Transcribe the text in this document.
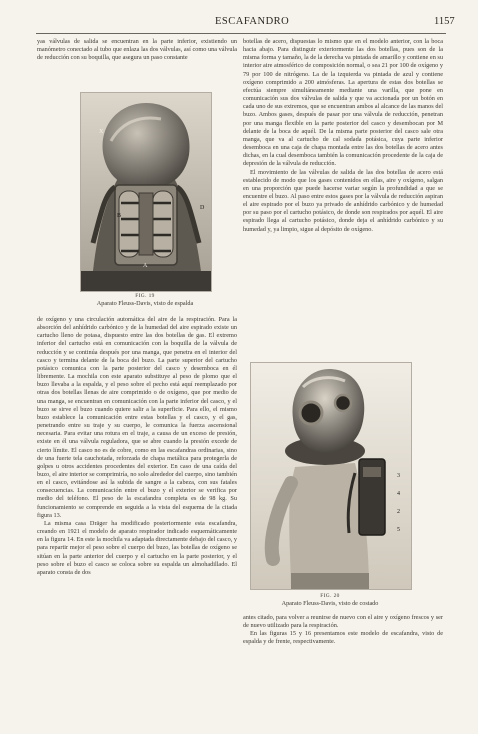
ESCAFANDRO	1157

yas válvulas de salida se encuentran en la parte inferior, existiendo un manómetro conectado al tubo que enlaza las dos válvulas, así como una válvula de reducción con su boquilla, que asegura un paso constante

X
B
D
A
FIG. 19
Aparato Fleuss-Davis, visto de espalda

de oxígeno y una circulación automática del aire de la respiración. Para la absorción del anhídrido carbónico y de la humedad del aire espirado existe un cartucho lleno de potasa, dispuesto entre las dos botellas de gas. El extremo inferior del cartucho está en comunicación con la boquilla de la válvula de reducción y se continúa después por una manga, que penetra en el interior del casco y termina delante de la boca del buzo. La parte superior del cartucho potásico comunica con la parte posterior del casco y desemboca en él libremente. La mochila con este aparato substituye al peso de plomo que el buzo llevaba a la espalda, y el peso sobre el pecho está aquí reemplazado por otras dos botellas llenas de aire comprimido o de oxígeno, que por medio de una manga, se encuentran en comunicación con la parte inferior del casco, y el buzo se sirve el buzo cuando quiere salir a la superficie. Para ello, el mismo buzo establece la comunicación entre estas botellas y el casco, y el gas, penetrando entre su traje y su cuerpo, le comunica la fuerza ascensional necesaria. Para evitar una rotura en el traje, a causa de un exceso de presión, existe en él una válvula reguladora, que se abre cuando la presión excede de cierto límite. El casco no es de cobre, como en las escafandras ordinarias, sino de una fuerte tela cauchotada, reforzada de chapa metálica para protegerla de golpes u otros accidentes procedentes del exterior. En caso de una caída del buzo, el aire interior se comprimiría, no solo alrededor del cuerpo, sino también en el casco, evitándose así la subida de sangre a la cabeza, con sus fatales consecuencias. La comunicación entre el buzo y el exterior se verifica por medio del teléfono. El peso de la escafandra completa es de 98 kg. Su funcionamiento se comprende en seguida a la vista del esquema de la citada figura 13.

La misma casa Dräger ha modificado posteriormente esta escafandra, creando en 1921 el modelo de aparato respirador indicado esquemáticamente en la figura 14. En este la mochila va adaptada directamente debajo del casco, y para repartir mejor el peso sobre el cuerpo del buzo, las botellas de oxígeno se sitúan en la parte anterior del cuerpo y el cartucho en la parte posterior, y el peso sobre el buzo el casco se coloca sobre su espalda un almohadillado. El aparato consta de dos

botellas de acero, dispuestas lo mismo que en el modelo anterior, con la boca hacia abajo. Para distinguir exteriormente las dos botellas, pues son de la misma forma y tamaño, la de la derecha va pintada de amarillo y contiene en su interior aire atmosférico de composición normal, o sea 21 por 100 de oxígeno y 79 por 100 de nitrógeno. La de la izquierda va pintada de azul y contiene oxígeno comprimido a 200 atmósferas. La apertura de estas dos botellas se efectúa siempre simultáneamente mediante una varilla, que pone en comunicación sus dos válvulas de salida y que va accionada por un botón en cada uno de sus extremos, que se encuentran ambos al alcance de las manos del buzo. Ambos gases, después de pasar por una válvula de reducción, penetran por una manga flexible en la parte posterior del casco y desembocan por M delante de la boca de aquél. De la misma parte posterior del casco sale otra manga, que va al cartucho de cal sodada potásica, cuya parte inferior desemboca en una caja de chapa montada entre las dos botellas de acero antes dichas, en la cual desemboca también la comunicación procedente de la caja de depresión de la válvula de reducción.

El movimiento de las válvulas de salida de las dos botellas de acero está establecido de modo que los gases contenidos en ellas, aire y oxígeno, salgan en una proporción que puede hacerse variar según la profundidad a que se encuentre el buzo. Al paso entre estos gases por la válvula de reducción aspiran el aire espirado por el buzo ya privado de anhídrido carbónico y de humedad por su paso por el cartucho potásico, de donde son respirados por aquél. El aire espirado llega al cartucho potásico, donde deja el anhídrido carbónico y su humedad y, ya limpio, sigue al depósito de oxígeno.

3
4
2
5
FIG. 20
Aparato Fleuss-Davis, visto de costado

antes citado, para volver a reunirse de nuevo con el aire y oxígeno frescos y ser de nuevo utilizado para la respiración.

En las figuras 15 y 16 presentamos este modelo de escafandra, visto de espalda y de frente, respectivamente.
